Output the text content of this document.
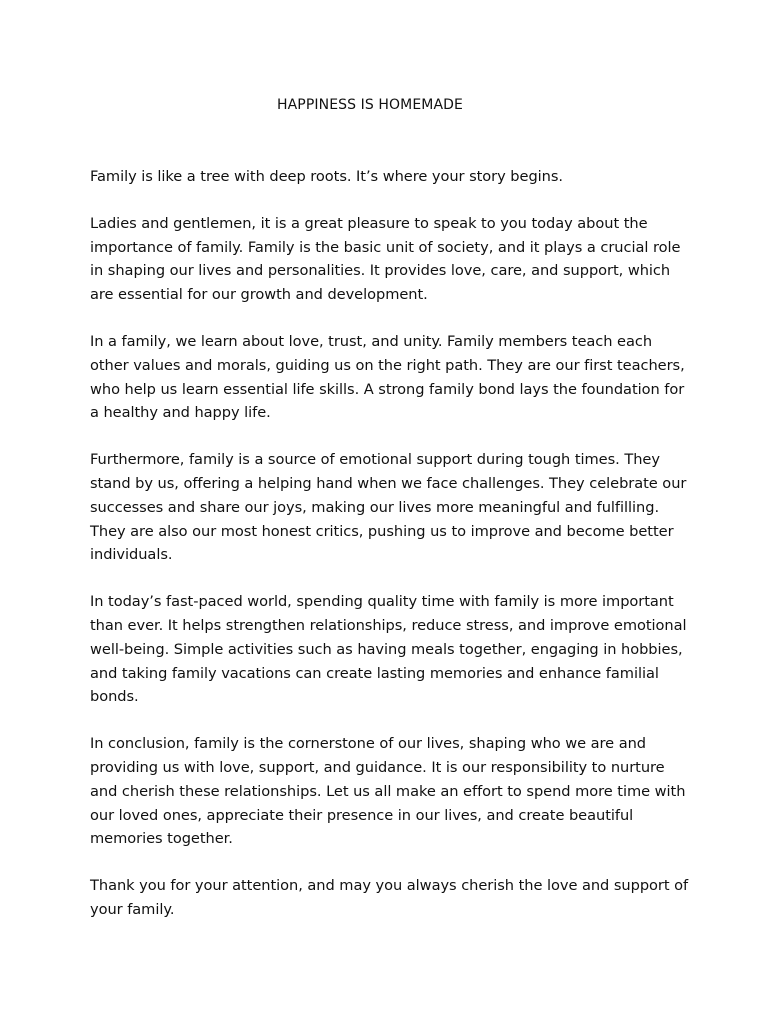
HAPPINESS IS HOMEMADE

Family is like a tree with deep roots. It’s where your story begins.

Ladies and gentlemen, it is a great pleasure to speak to you today about the importance of family. Family is the basic unit of society, and it plays a crucial role in shaping our lives and personalities. It provides love, care, and support, which are essential for our growth and development.

In a family, we learn about love, trust, and unity. Family members teach each other values and morals, guiding us on the right path. They are our first teachers, who help us learn essential life skills. A strong family bond lays the foundation for a healthy and happy life.

Furthermore, family is a source of emotional support during tough times. They stand by us, offering a helping hand when we face challenges. They celebrate our successes and share our joys, making our lives more meaningful and fulfilling. They are also our most honest critics, pushing us to improve and become better individuals.

In today’s fast-paced world, spending quality time with family is more important than ever. It helps strengthen relationships, reduce stress, and improve emotional well-being. Simple activities such as having meals together, engaging in hobbies, and taking family vacations can create lasting memories and enhance familial bonds.

In conclusion, family is the cornerstone of our lives, shaping who we are and providing us with love, support, and guidance. It is our responsibility to nurture and cherish these relationships. Let us all make an effort to spend more time with our loved ones, appreciate their presence in our lives, and create beautiful memories together.

Thank you for your attention, and may you always cherish the love and support of your family.
